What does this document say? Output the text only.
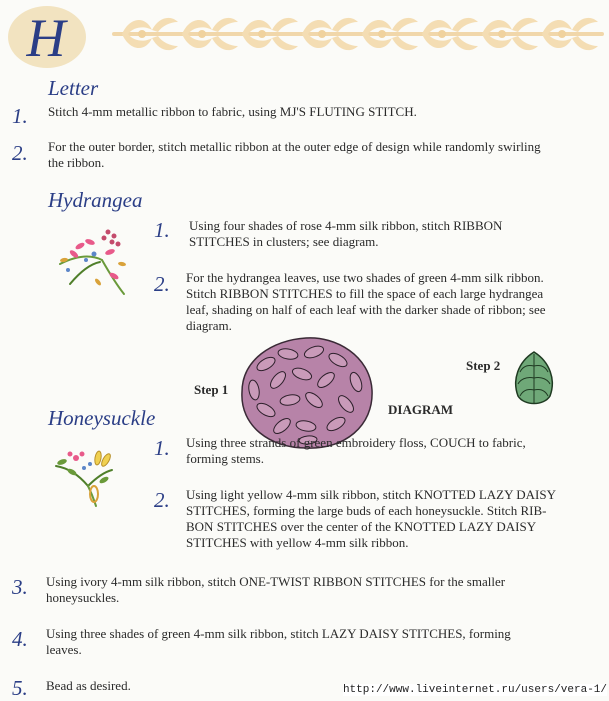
H
Letter
1. Stitch 4-mm metallic ribbon to fabric, using MJ'S FLUTING STITCH.
2. For the outer border, stitch metallic ribbon at the outer edge of design while randomly swirling
the ribbon.
Hydrangea
1. Using four shades of rose 4-mm silk ribbon, stitch RIBBON
STITCHES in clusters; see diagram.
2. For the hydrangea leaves, use two shades of green 4-mm silk ribbon.
Stitch RIBBON STITCHES to fill the space of each large hydrangea
leaf, shading on half of each leaf with the darker shade of ribbon; see
diagram.
Step 1
Step 2
DIAGRAM
Honeysuckle
1. Using three strands of green embroidery floss, COUCH to fabric,
forming stems.
2. Using light yellow 4-mm silk ribbon, stitch KNOTTED LAZY DAISY
STITCHES, forming the large buds of each honeysuckle. Stitch RIB-
BON STITCHES over the center of the KNOTTED LAZY DAISY
STITCHES with yellow 4-mm silk ribbon.
3. Using ivory 4-mm silk ribbon, stitch ONE-TWIST RIBBON STITCHES for the smaller
honeysuckles.
4. Using three shades of green 4-mm silk ribbon, stitch LAZY DAISY STITCHES, forming
leaves.
5. Bead as desired.	http://www.liveinternet.ru/users/vera-1/
